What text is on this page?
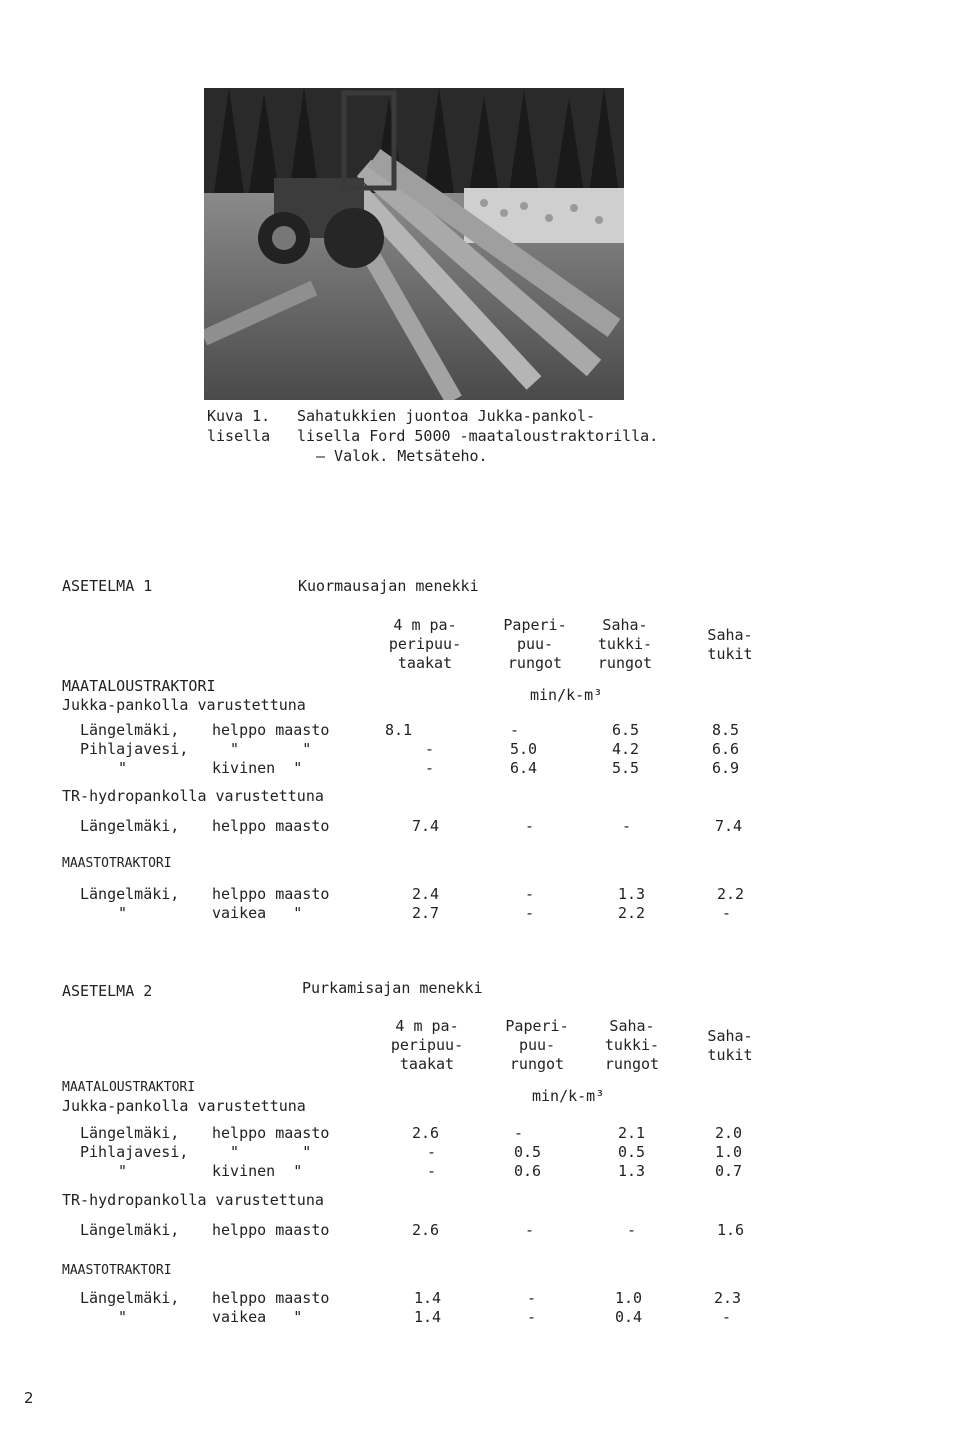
Kuva 1. Sahatukkien juontoa Jukka-pankol-
lisella lisella Ford 5000 -maataloustraktorilla.
— Valok. Metsäteho.
ASETELMA 1	Kuormausajan menekki
4 m pa-
peripuu-
taakat
Paperi-
puu-
rungot
Saha-
tukki-
rungot
Saha-
tukit
min/k-m³
MAATALOUSTRAKTORI
Jukka-pankolla varustettuna
Längelmäki, helppo maasto	8.1	-	6.5	8.5
Pihlajavesi,	"       "	-	5.0	4.2	6.6
"	kivinen  "	-	6.4	5.5	6.9
TR-hydropankolla varustettuna
Längelmäki, helppo maasto	7.4	-	-	7.4
MAASTOTRAKTORI
Längelmäki, helppo maasto	2.4	-	1.3	2.2
"	vaikea   "	2.7	-	2.2	-
ASETELMA 2	Purkamisajan menekki
4 m pa-
peripuu-
taakat
Paperi-
puu-
rungot
Saha-
tukki-
rungot
Saha-
tukit
min/k-m³
MAATALOUSTRAKTORI
Jukka-pankolla varustettuna
Längelmäki, helppo maasto	2.6	-	2.1	2.0
Pihlajavesi,	"       "	-	0.5	0.5	1.0
"	kivinen  "	-	0.6	1.3	0.7
TR-hydropankolla varustettuna
Längelmäki, helppo maasto	2.6	-	-	1.6
MAASTOTRAKTORI
Längelmäki, helppo maasto	1.4	-	1.0	2.3
"	vaikea   "	1.4	-	0.4	-
2
